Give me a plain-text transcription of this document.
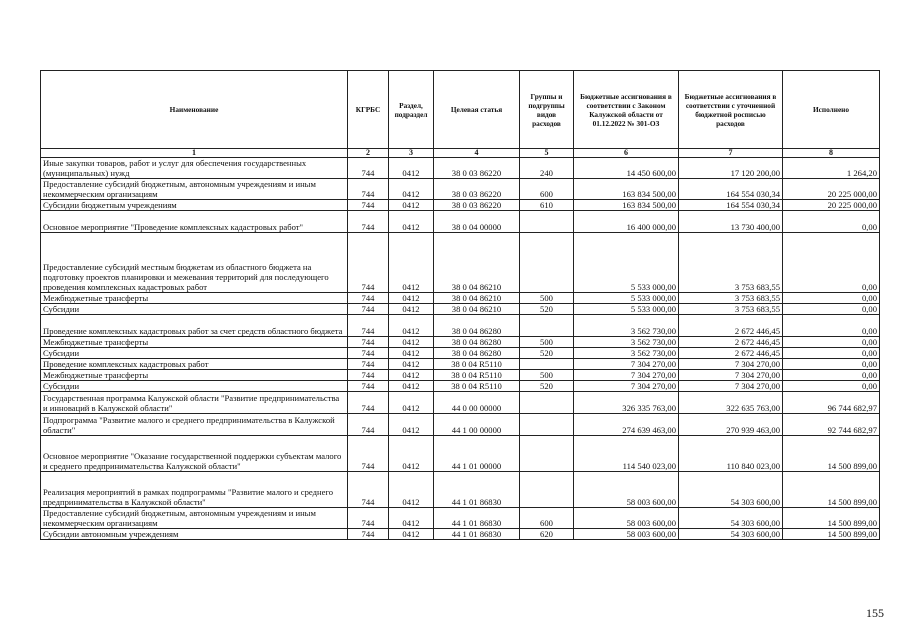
Наименование	КГРБС	Раздел, подраздел	Целевая статья	Группы и подгруппы видов расходов	Бюджетные ассигнования в соответствии с Законом Калужской области от 01.12.2022 № 301-ОЗ	Бюджетные ассигнования в соответствии с уточненной бюджетной росписью расходов	Исполнено
1	2	3	4	5	6	7	8
Иные закупки товаров, работ и услуг для обеспечения государственных (муниципальных) нужд	744	0412	38 0 03 86220	240	14 450 600,00	17 120 200,00	1 264,20
Предоставление субсидий бюджетным, автономным учреждениям и иным некоммерческим организациям	744	0412	38 0 03 86220	600	163 834 500,00	164 554 030,34	20 225 000,00
Субсидии бюджетным учреждениям	744	0412	38 0 03 86220	610	163 834 500,00	164 554 030,34	20 225 000,00
Основное мероприятие "Проведение комплексных кадастровых работ"	744	0412	38 0 04 00000		16 400 000,00	13 730 400,00	0,00
Предоставление субсидий местным бюджетам из областного бюджета на подготовку проектов планировки и межевания территорий для последующего проведения комплексных кадастровых работ	744	0412	38 0 04 86210		5 533 000,00	3 753 683,55	0,00
Межбюджетные трансферты	744	0412	38 0 04 86210	500	5 533 000,00	3 753 683,55	0,00
Субсидии	744	0412	38 0 04 86210	520	5 533 000,00	3 753 683,55	0,00
Проведение комплексных кадастровых работ за счет средств областного бюджета	744	0412	38 0 04 86280		3 562 730,00	2 672 446,45	0,00
Межбюджетные трансферты	744	0412	38 0 04 86280	500	3 562 730,00	2 672 446,45	0,00
Субсидии	744	0412	38 0 04 86280	520	3 562 730,00	2 672 446,45	0,00
Проведение комплексных кадастровых работ	744	0412	38 0 04 R5110		7 304 270,00	7 304 270,00	0,00
Межбюджетные трансферты	744	0412	38 0 04 R5110	500	7 304 270,00	7 304 270,00	0,00
Субсидии	744	0412	38 0 04 R5110	520	7 304 270,00	7 304 270,00	0,00
Государственная программа Калужской области "Развитие предпринимательства и инноваций в Калужской области"	744	0412	44 0 00 00000		326 335 763,00	322 635 763,00	96 744 682,97
Подпрограмма "Развитие малого и среднего предпринимательства в Калужской области"	744	0412	44 1 00 00000		274 639 463,00	270 939 463,00	92 744 682,97
Основное мероприятие "Оказание государственной поддержки субъектам малого и среднего предпринимательства Калужской области"	744	0412	44 1 01 00000		114 540 023,00	110 840 023,00	14 500 899,00
Реализация мероприятий в рамках подпрограммы "Развитие малого и среднего предпринимательства в Калужской области"	744	0412	44 1 01 86830		58 003 600,00	54 303 600,00	14 500 899,00
Предоставление субсидий бюджетным, автономным учреждениям и иным некоммерческим организациям	744	0412	44 1 01 86830	600	58 003 600,00	54 303 600,00	14 500 899,00
Субсидии автономным учреждениям	744	0412	44 1 01 86830	620	58 003 600,00	54 303 600,00	14 500 899,00
155
